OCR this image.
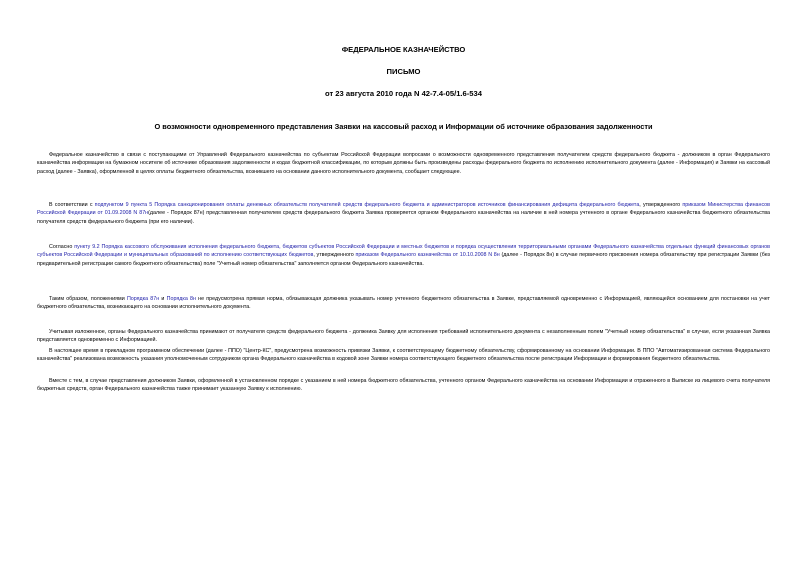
ФЕДЕРАЛЬНОЕ КАЗНАЧЕЙСТВО
ПИСЬМО
от 23 августа 2010 года N 42-7.4-05/1.6-534
О возможности одновременного представления Заявки на кассовый расход и Информации об источнике образования задолженности

Федеральное казначейство в связи с поступающими от Управлений Федерального казначейства по субъектам Российской Федерации вопросами о возможности одновременного представления получателем средств федерального бюджета - должником в орган Федерального казначейства информации на бумажном носителе об источнике образования задолженности и кодах бюджетной классификации, по которым должны быть произведены расходы федерального бюджета по исполнению исполнительного документа (далее - Информация) и Заявки на кассовый расход (далее - Заявка), оформленной в целях оплаты бюджетного обязательства, возникшего на основании данного исполнительного документа, сообщает следующее.

В соответствии с подпунктом 9 пункта 5 Порядка санкционирования оплаты денежных обязательств получателей средств федерального бюджета и администраторов источников финансирования дефицита федерального бюджета, утвержденного приказом Министерства финансов Российской Федерации от 01.09.2008 N 87н(далее - Порядок 87н) представленная получателем средств федерального бюджета Заявка проверяется органом Федерального казначейства на наличие в ней номера учтенного в органе Федерального казначейства бюджетного обязательства получателя средств федерального бюджета (при его наличии).

Согласно пункту 9.2 Порядка кассового обслуживания исполнения федерального бюджета, бюджетов субъектов Российской Федерации и местных бюджетов и порядка осуществления территориальными органами Федерального казначейства отдельных функций финансовых органов субъектов Российской Федерации и муниципальных образований по исполнению соответствующих бюджетов, утвержденного приказом Федерального казначейства от 10.10.2008 N 8н (далее - Порядок 8н) в случае первичного присвоения номера обязательству при регистрации Заявки (без предварительной регистрации самого бюджетного обязательства) поле "Учетный номер обязательства" заполняется органом Федерального казначейства.

Таким образом, положениями Порядка 87н и Порядка 8н не предусмотрена прямая норма, обязывающая должника указывать номер учтенного бюджетного обязательства в Заявке, представляемой одновременно с Информацией, являющейся основанием для постановки на учет бюджетного обязательства, возникающего на основании исполнительного документа.

Учитывая изложенное, органы Федерального казначейства принимают от получателя средств федерального бюджета - должника Заявку для исполнения требований исполнительного документа с незаполненным полем "Учетный номер обязательства" в случае, если указанная Заявка представляется одновременно с Информацией.

В настоящее время в прикладном программном обеспечении (далее - ППО) "Центр-КС", предусмотрена возможность привязки Заявки, к соответствующему бюджетному обязательству, сформированному на основании Информации. В ППО "Автоматизированная система Федерального казначейства" реализована возможность указания уполномоченным сотрудником органа Федерального казначейства в кодовой зоне Заявки номера соответствующего бюджетного обязательства после регистрации Информации и формирования бюджетного обязательства.

Вместе с тем, в случае представления должником Заявки, оформленной в установленном порядке с указанием в ней номера бюджетного обязательства, учтенного органом Федерального казначейства на основании Информации и отраженного в Выписке из лицевого счета получателя бюджетных средств, орган Федерального казначейства также принимает указанную Заявку к исполнению.
